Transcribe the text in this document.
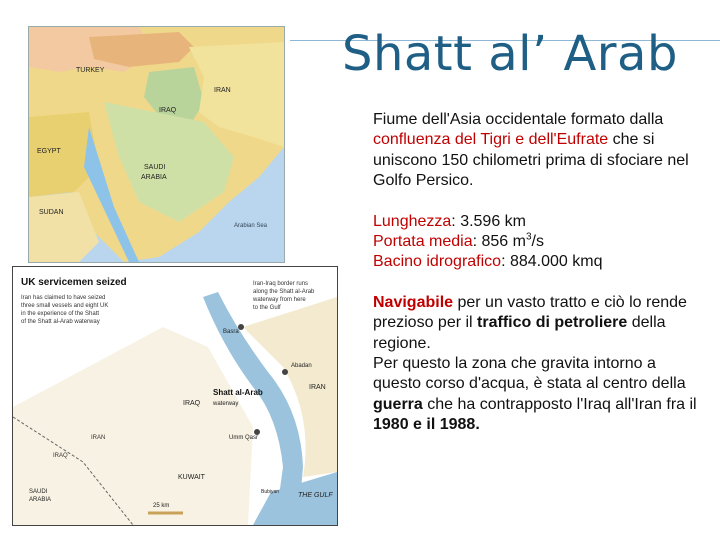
Shatt al’ Arab
TURKEY
IRAQ
IRAN
EGYPT
SAUDI
ARABIA
SUDAN
Arabian Sea
UK servicemen seized
Iran has claimed to have seized
three small vessels and eight UK
in the experience of the Shatt
of the Shatt al-Arab waterway
Iran-Iraq border runs
along the Shatt al-Arab
waterway from here
to the Gulf
Basra
Abadan
IRAN
IRAQ
Shatt al-Arab
waterway
Umm Qasr
KUWAIT
SAUDI
ARABIA
THE GULF
Bubiyan
25 km
IRAN
IRAQ

Fiume dell'Asia occidentale formato dalla confluenza del Tigri e dell'Eufrate che si uniscono 150 chilometri prima di sfociare nel Golfo Persico.

Lunghezza: 3.596 km

Portata media: 856 $m^3/s$

Bacino idrografico: 884.000 kmq

Navigabile per un vasto tratto e ciò lo rende prezioso per il traffico di petroliere della regione.

Per questo la zona che gravita intorno a questo corso d'acqua, è stata al centro della guerra che ha contrapposto l'Iraq all'Iran fra il 1980 e il 1988.
